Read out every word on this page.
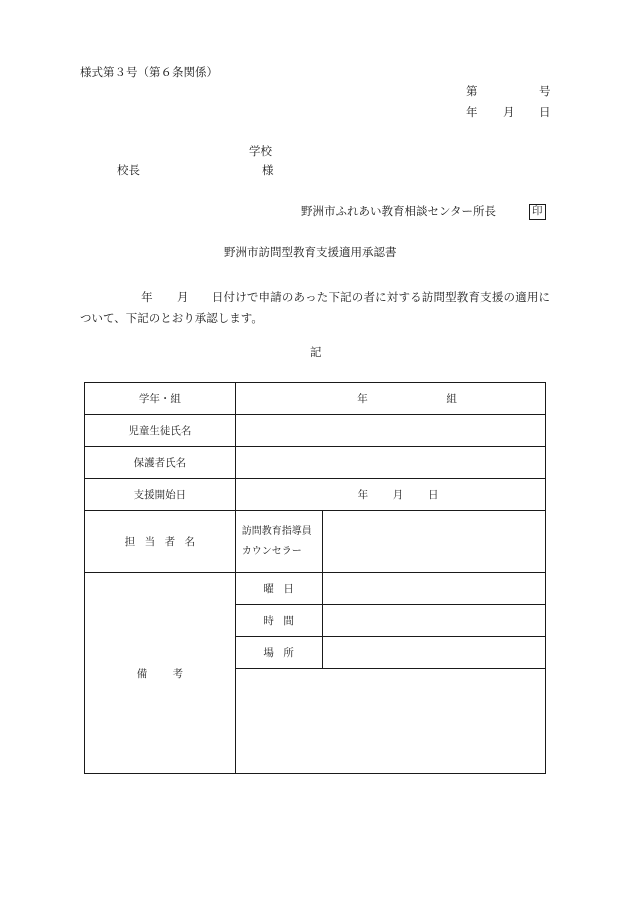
様式第３号（第６条関係）
第	号
年 月 日
学校
校長	様
野洲市ふれあい教育相談センター所長	印
野洲市訪問型教育支援適用承認書
年 月 日付けで申請のあった下記の者に対する訪問型教育支援の適用について、下記のとおり承認します。
記
学年・組	年 組	
児童生徒氏名		
保護者氏名		
支援開始日	年 月 日	
担当者名	訪問教育指導員
カウンセラー	

備考	曜日	
	時間	
	場所	
